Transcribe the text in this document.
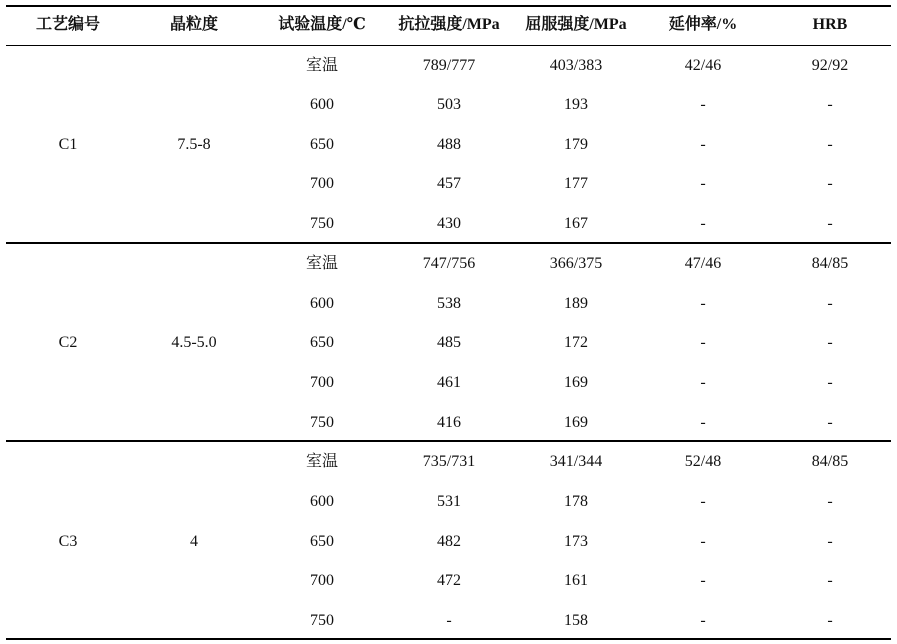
工艺编号	晶粒度	试验温度/℃	抗拉强度/MPa	屈服强度/MPa	延伸率/%	HRB
C1	7.5-8
室温	789/777	403/383	42/46	92/92
600	503	193	-	-
650	488	179	-	-
700	457	177	-	-
750	430	167	-	-
C2	4.5-5.0
室温	747/756	366/375	47/46	84/85
600	538	189	-	-
650	485	172	-	-
700	461	169	-	-
750	416	169	-	-
C3	4
室温	735/731	341/344	52/48	84/85
600	531	178	-	-
650	482	173	-	-
700	472	161	-	-
750	-	158	-	-
